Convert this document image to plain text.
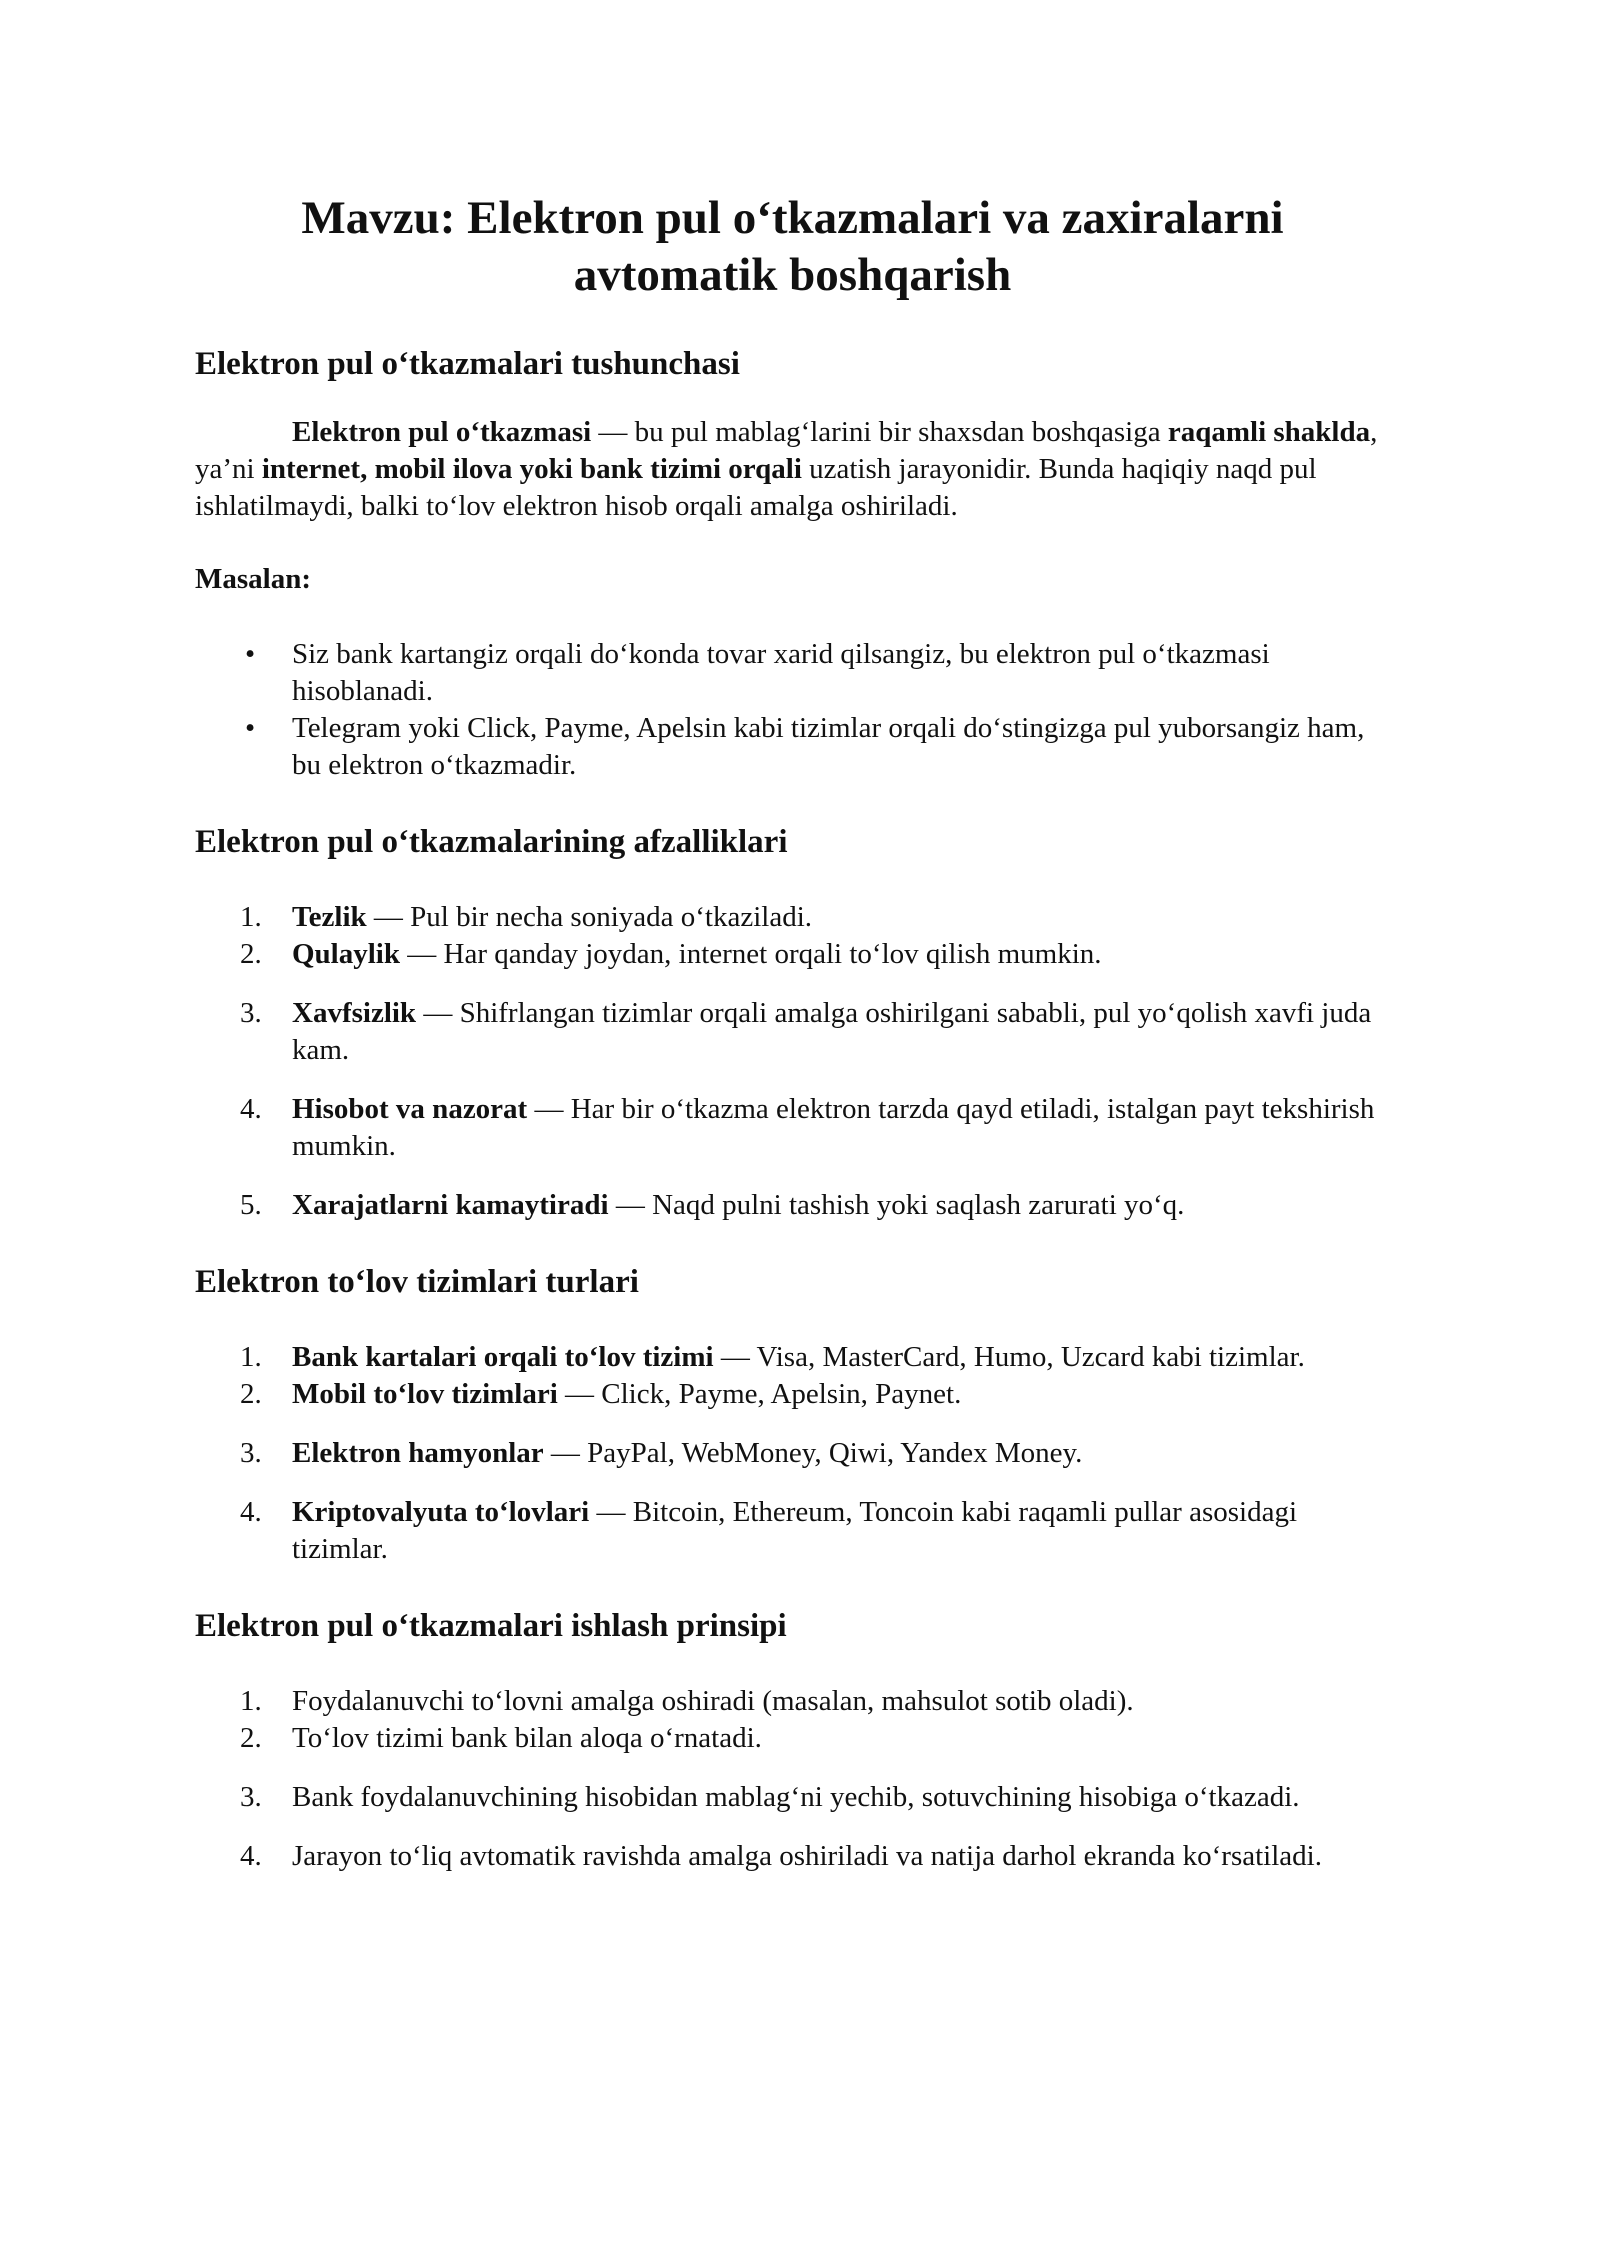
Mavzu: Elektron pul o‘tkazmalari va zaxiralarni avtomatik boshqarish
Elektron pul o‘tkazmalari tushunchasi

Elektron pul o‘tkazmasi — bu pul mablag‘larini bir shaxsdan boshqasiga raqamli shaklda, ya’ni internet, mobil ilova yoki bank tizimi orqali uzatish jarayonidir. Bunda haqiqiy naqd pul ishlatilmaydi, balki to‘lov elektron hisob orqali amalga oshiriladi.

Masalan:

• Siz bank kartangiz orqali do‘konda tovar xarid qilsangiz, bu elektron pul o‘tkazmasi hisoblanadi.
• Telegram yoki Click, Payme, Apelsin kabi tizimlar orqali do‘stingizga pul yuborsangiz ham, bu elektron o‘tkazmadir.
Elektron pul o‘tkazmalarining afzalliklari
1. Tezlik — Pul bir necha soniyada o‘tkaziladi.
2. Qulaylik — Har qanday joydan, internet orqali to‘lov qilish mumkin.
3. Xavfsizlik — Shifrlangan tizimlar orqali amalga oshirilgani sababli, pul yo‘qolish xavfi juda kam.
4. Hisobot va nazorat — Har bir o‘tkazma elektron tarzda qayd etiladi, istalgan payt tekshirish mumkin.
5. Xarajatlarni kamaytiradi — Naqd pulni tashish yoki saqlash zarurati yo‘q.
Elektron to‘lov tizimlari turlari
1. Bank kartalari orqali to‘lov tizimi — Visa, MasterCard, Humo, Uzcard kabi tizimlar.
2. Mobil to‘lov tizimlari — Click, Payme, Apelsin, Paynet.
3. Elektron hamyonlar — PayPal, WebMoney, Qiwi, Yandex Money.
4. Kriptovalyuta to‘lovlari — Bitcoin, Ethereum, Toncoin kabi raqamli pullar asosidagi tizimlar.
Elektron pul o‘tkazmalari ishlash prinsipi
1. Foydalanuvchi to‘lovni amalga oshiradi (masalan, mahsulot sotib oladi).
2. To‘lov tizimi bank bilan aloqa o‘rnatadi.
3. Bank foydalanuvchining hisobidan mablag‘ni yechib, sotuvchining hisobiga o‘tkazadi.
4. Jarayon to‘liq avtomatik ravishda amalga oshiriladi va natija darhol ekranda ko‘rsatiladi.
